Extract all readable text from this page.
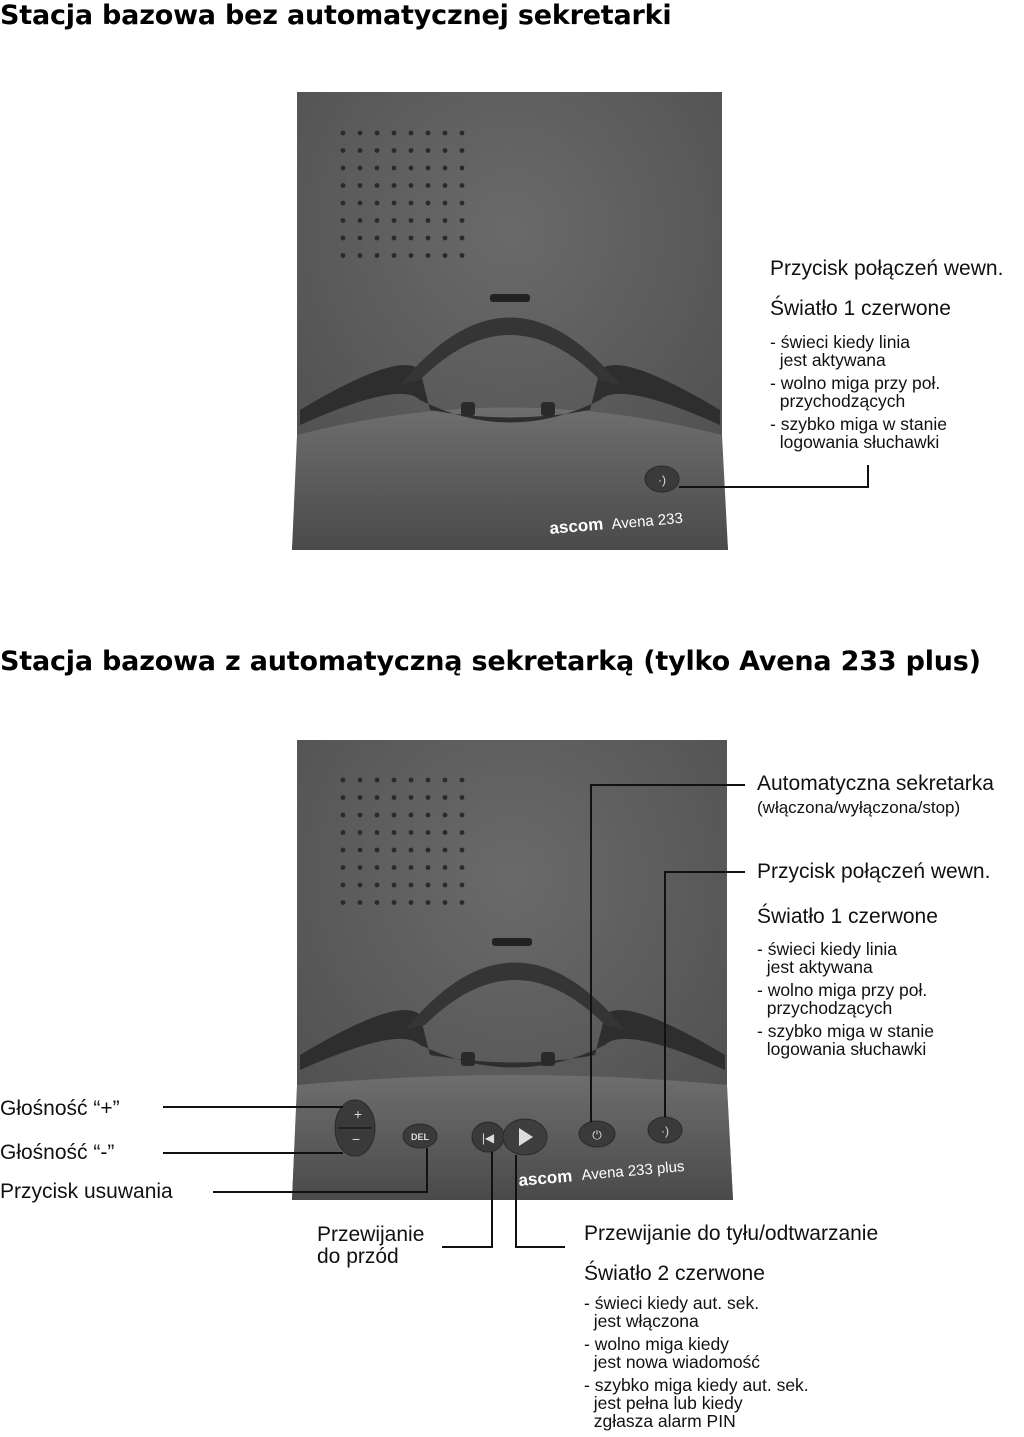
Stacja bazowa bez automatycznej sekretarki
·)
ascom Avena 233
Przycisk połączeń wewn.
Światło 1 czerwone
- świeci kiedy linia
jest aktywana
- wolno miga przy poł.
przychodzących
- szybko miga w stanie
logowania słuchawki
Stacja bazowa z automatyczną sekretarką (tylko Avena 233 plus)
+
−	DEL	|◀	⏻	·)
ascom Avena 233 plus
Automatyczna sekretarka
(włączona/wyłączona/stop)
Przycisk połączeń wewn.
Światło 1 czerwone
- świeci kiedy linia
jest aktywana
- wolno miga przy poł.
przychodzących
- szybko miga w stanie
logowania słuchawki
Głośność “+”
Głośność “-”
Przycisk usuwania
Przewijanie
do przód
Przewijanie do tyłu/odtwarzanie
Światło 2 czerwone
- świeci kiedy aut. sek.
jest włączona
- wolno miga kiedy
jest nowa wiadomość
- szybko miga kiedy aut. sek.
jest pełna lub kiedy
zgłasza alarm PIN
